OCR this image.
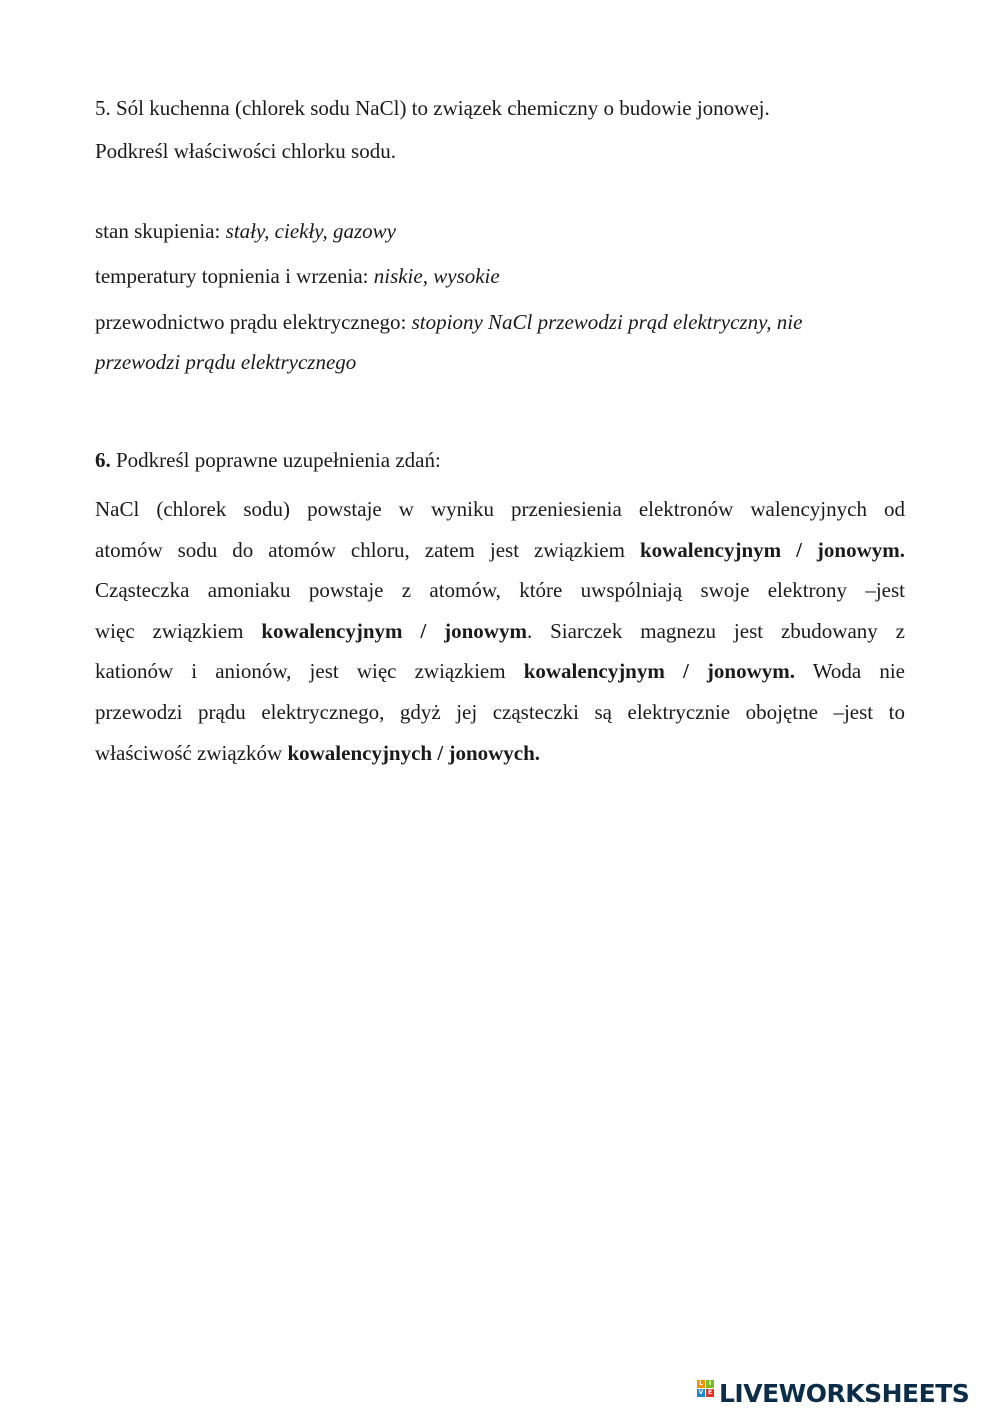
5. Sól kuchenna (chlorek sodu NaCl) to związek chemiczny o budowie jonowej.
Podkreśl właściwości chlorku sodu.
stan skupienia: stały, ciekły, gazowy
temperatury topnienia i wrzenia: niskie, wysokie
przewodnictwo prądu elektrycznego: stopiony NaCl przewodzi prąd elektryczny, nie
przewodzi prądu elektrycznego
6. Podkreśl poprawne uzupełnienia zdań:
NaCl (chlorek sodu) powstaje w wyniku przeniesienia elektronów walencyjnych od
atomów sodu do atomów chloru, zatem jest związkiem kowalencyjnym / jonowym.
Cząsteczka amoniaku powstaje z atomów, które uwspólniają swoje elektrony –jest
więc związkiem kowalencyjnym / jonowym. Siarczek magnezu jest zbudowany z
kationów i anionów, jest więc związkiem kowalencyjnym / jonowym. Woda nie
przewodzi prądu elektrycznego, gdyż jej cząsteczki są elektrycznie obojętne –jest to
właściwość związków kowalencyjnych / jonowych.
L I
V E LIVEWORKSHEETS
